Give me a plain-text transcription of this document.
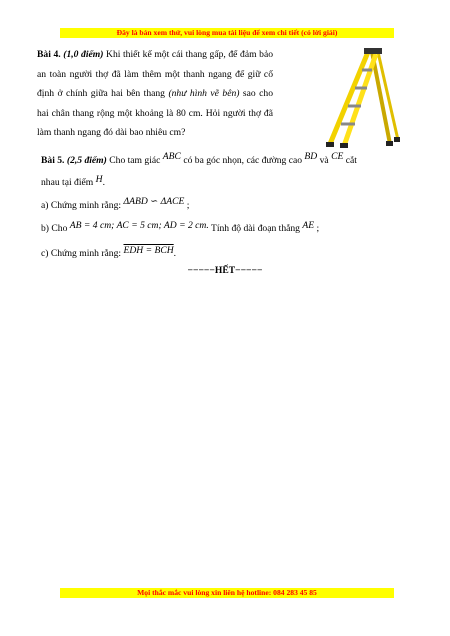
Đây là bản xem thử, vui lòng mua tài liệu để xem chi tiết (có lời giải)
Bài 4. (1,0 điểm) Khi thiết kế một cái thang gấp, để đảm bảo an toàn người thợ đã làm thêm một thanh ngang để giữ cố định ở chính giữa hai bên thang (như hình vẽ bên) sao cho hai chân thang rộng một khoảng là 80 cm. Hỏi người thợ đã làm thanh ngang đó dài bao nhiêu cm?
Bài 5. (2,5 điểm) Cho tam giác ABC có ba góc nhọn, các đường cao BD và CE cắt
nhau tại điểm H.
a) Chứng minh rằng: ΔABD ∽ ΔACE ;
b) Cho AB = 4 cm; AC = 5 cm; AD = 2 cm. Tính độ dài đoạn thẳng AE ;
c) Chứng minh rằng: EDH = BCH.
−−−−−HẾT−−−−−
Mọi thắc mắc vui lòng xin liên hệ hotline: 084 283 45 85
